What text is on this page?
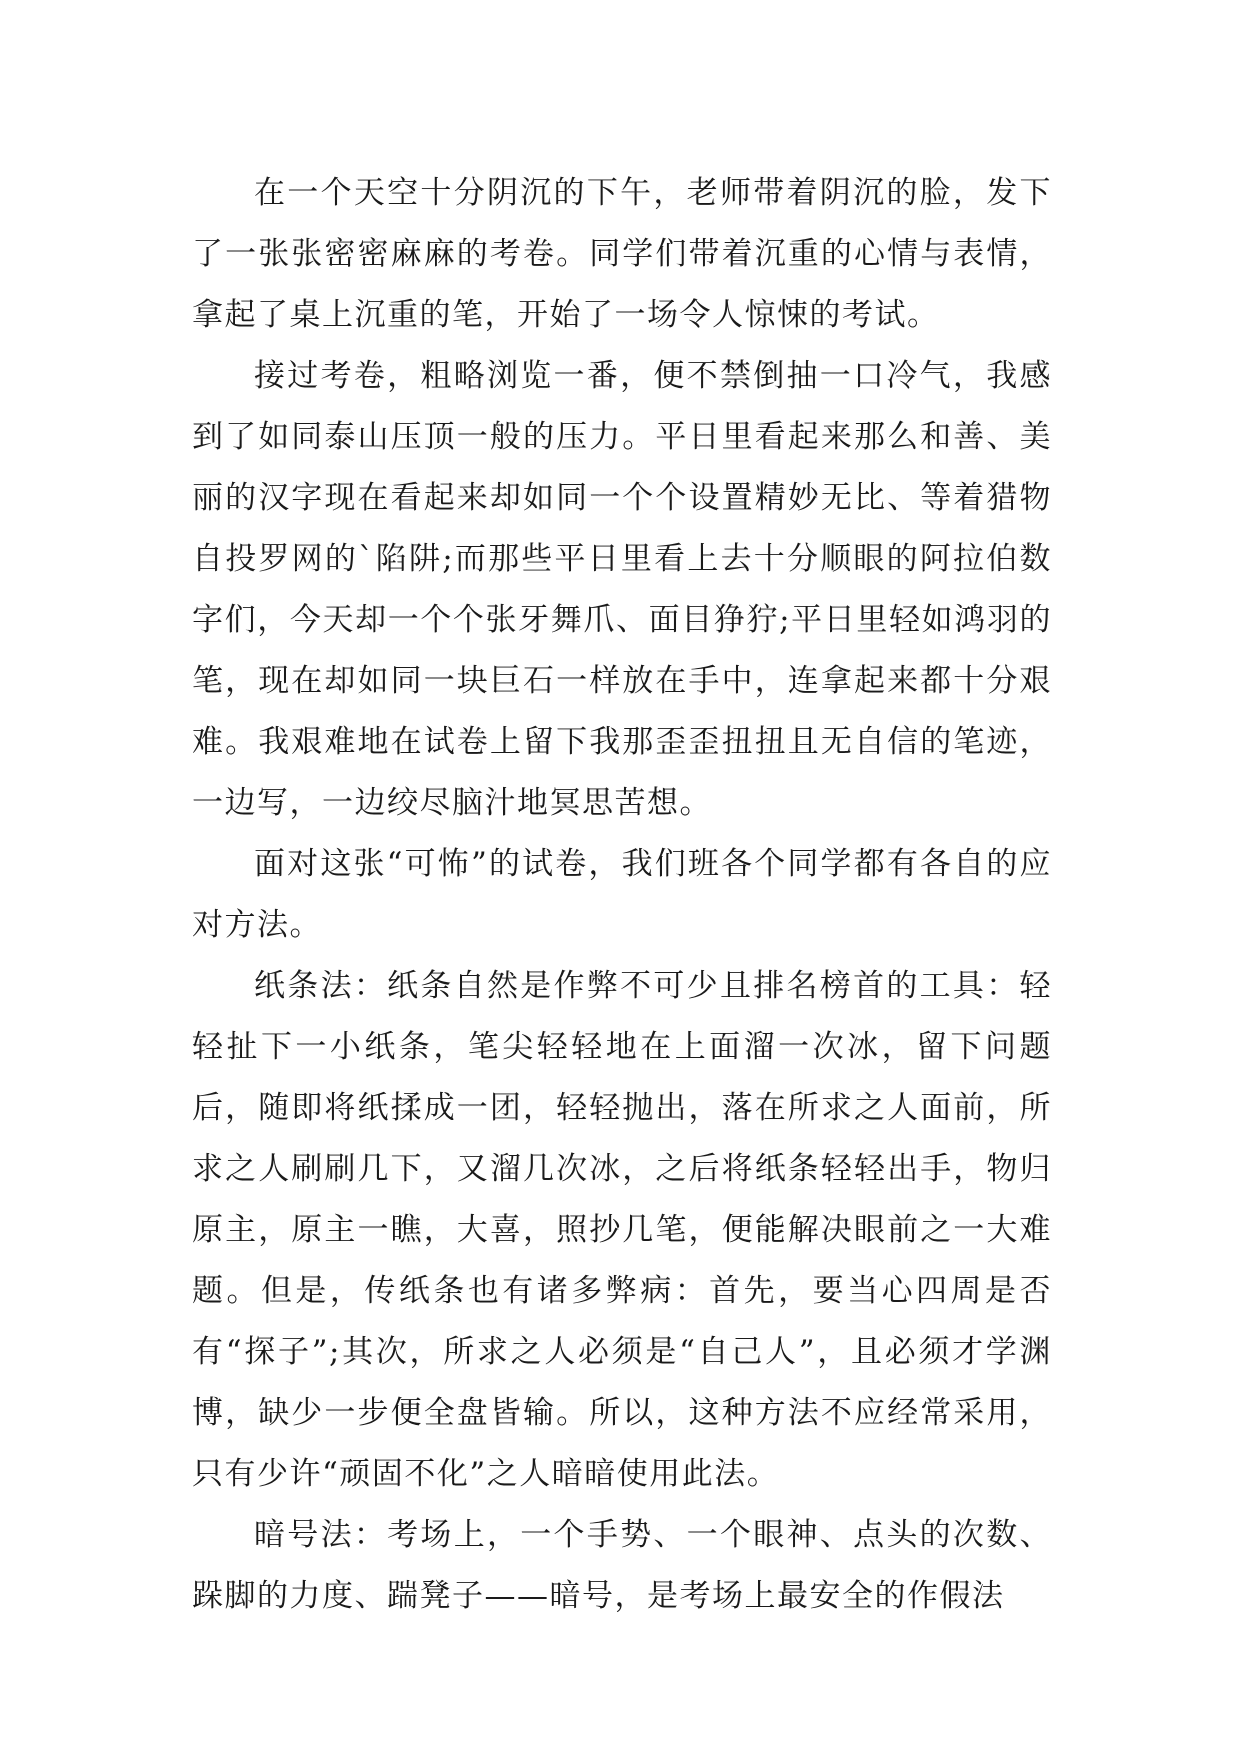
在一个天空十分阴沉的下午，老师带着阴沉的脸，发下了一张张密密麻麻的考卷。同学们带着沉重的心情与表情，拿起了桌上沉重的笔，开始了一场令人惊悚的考试。

接过考卷，粗略浏览一番，便不禁倒抽一口冷气，我感到了如同泰山压顶一般的压力。平日里看起来那么和善、美丽的汉字现在看起来却如同一个个设置精妙无比、等着猎物自投罗网的`陷阱;而那些平日里看上去十分顺眼的阿拉伯数字们，今天却一个个张牙舞爪、面目狰狞;平日里轻如鸿羽的笔，现在却如同一块巨石一样放在手中，连拿起来都十分艰难。我艰难地在试卷上留下我那歪歪扭扭且无自信的笔迹，一边写，一边绞尽脑汁地冥思苦想。

面对这张“可怖”的试卷，我们班各个同学都有各自的应对方法。

纸条法：纸条自然是作弊不可少且排名榜首的工具：轻轻扯下一小纸条，笔尖轻轻地在上面溜一次冰，留下问题后，随即将纸揉成一团，轻轻抛出，落在所求之人面前，所求之人刷刷几下，又溜几次冰，之后将纸条轻轻出手，物归原主，原主一瞧，大喜，照抄几笔，便能解决眼前之一大难题。但是，传纸条也有诸多弊病：首先，要当心四周是否有“探子”;其次，所求之人必须是“自己人”，且必须才学渊博，缺少一步便全盘皆输。所以，这种方法不应经常采用，只有少许“顽固不化”之人暗暗使用此法。

暗号法：考场上，一个手势、一个眼神、点头的次数、跺脚的力度、踹凳子——暗号，是考场上最安全的作假法
